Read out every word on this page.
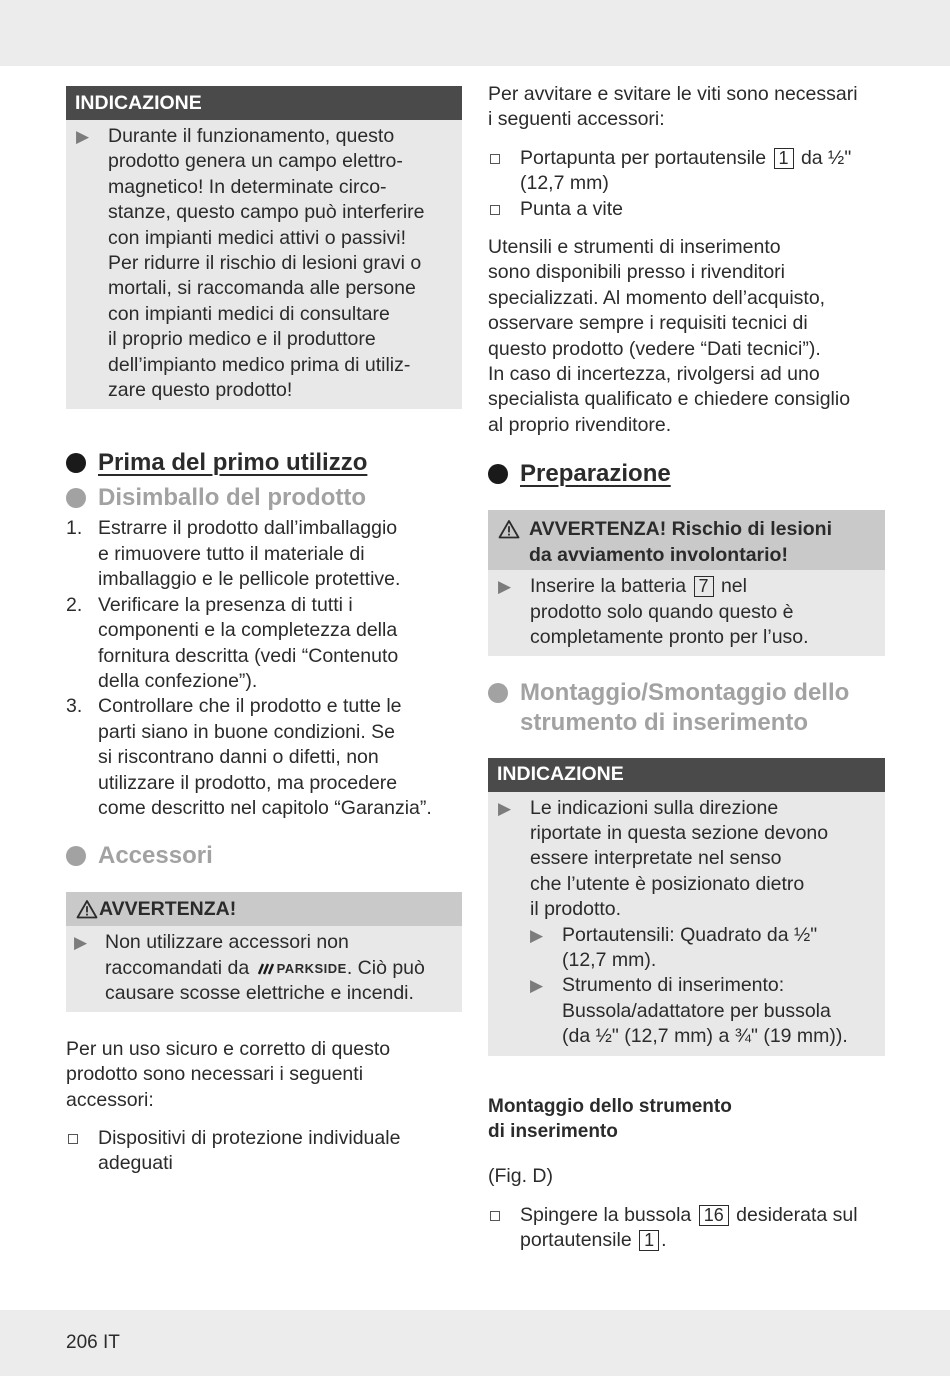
INDICAZIONE
▶ Durante il funzionamento, questo
prodotto genera un campo elettro-
magnetico! In determinate circo-
stanze, questo campo può interferire
con impianti medici attivi o passivi!
Per ridurre il rischio di lesioni gravi o
mortali, si raccomanda alle persone
con impianti medici di consultare
il proprio medico e il produttore
dell’impianto medico prima di utiliz-
zare questo prodotto!
Prima del primo utilizzo
Disimballo del prodotto
1. Estrarre il prodotto dall’imballaggio
e rimuovere tutto il materiale di
imballaggio e le pellicole protettive.
2. Verificare la presenza di tutti i
componenti e la completezza della
fornitura descritta (vedi “Contenuto
della confezione”).
3. Controllare che il prodotto e tutte le
parti siano in buone condizioni. Se
si riscontrano danni o difetti, non
utilizzare il prodotto, ma procedere
come descritto nel capitolo “Garanzia”.
Accessori
AVVERTENZA!
▶ Non utilizzare accessori non
raccomandati da PARKSIDE . Ciò può
causare scosse elettriche e incendi.
Per un uso sicuro e corretto di questo
prodotto sono necessari i seguenti
accessori:
Dispositivi di protezione individuale
adeguati
Per avvitare e svitare le viti sono necessari
i seguenti accessori:
Portapunta per portautensile 1 da ½"
(12,7 mm)
Punta a vite
Utensili e strumenti di inserimento
sono disponibili presso i rivenditori
specializzati. Al momento dell’acquisto,
osservare sempre i requisiti tecnici di
questo prodotto (vedere “Dati tecnici”).
In caso di incertezza, rivolgersi ad uno
specialista qualificato e chiedere consiglio
al proprio rivenditore.
Preparazione
AVVERTENZA! Rischio di lesioni
da avviamento involontario!
▶ Inserire la batteria 7 nel
prodotto solo quando questo è
completamente pronto per l’uso.
Montaggio/Smontaggio dello
strumento di inserimento
INDICAZIONE
▶ Le indicazioni sulla direzione
riportate in questa sezione devono
essere interpretate nel senso
che l’utente è posizionato dietro
il prodotto.
▶ Portautensili: Quadrato da ½"
(12,7 mm).
▶ Strumento di inserimento:
Bussola/adattatore per bussola
(da ½" (12,7 mm) a ¾" (19 mm)).
Montaggio dello strumento
di inserimento
(Fig. D)
Spingere la bussola 16 desiderata sul
portautensile 1 .
206 IT
